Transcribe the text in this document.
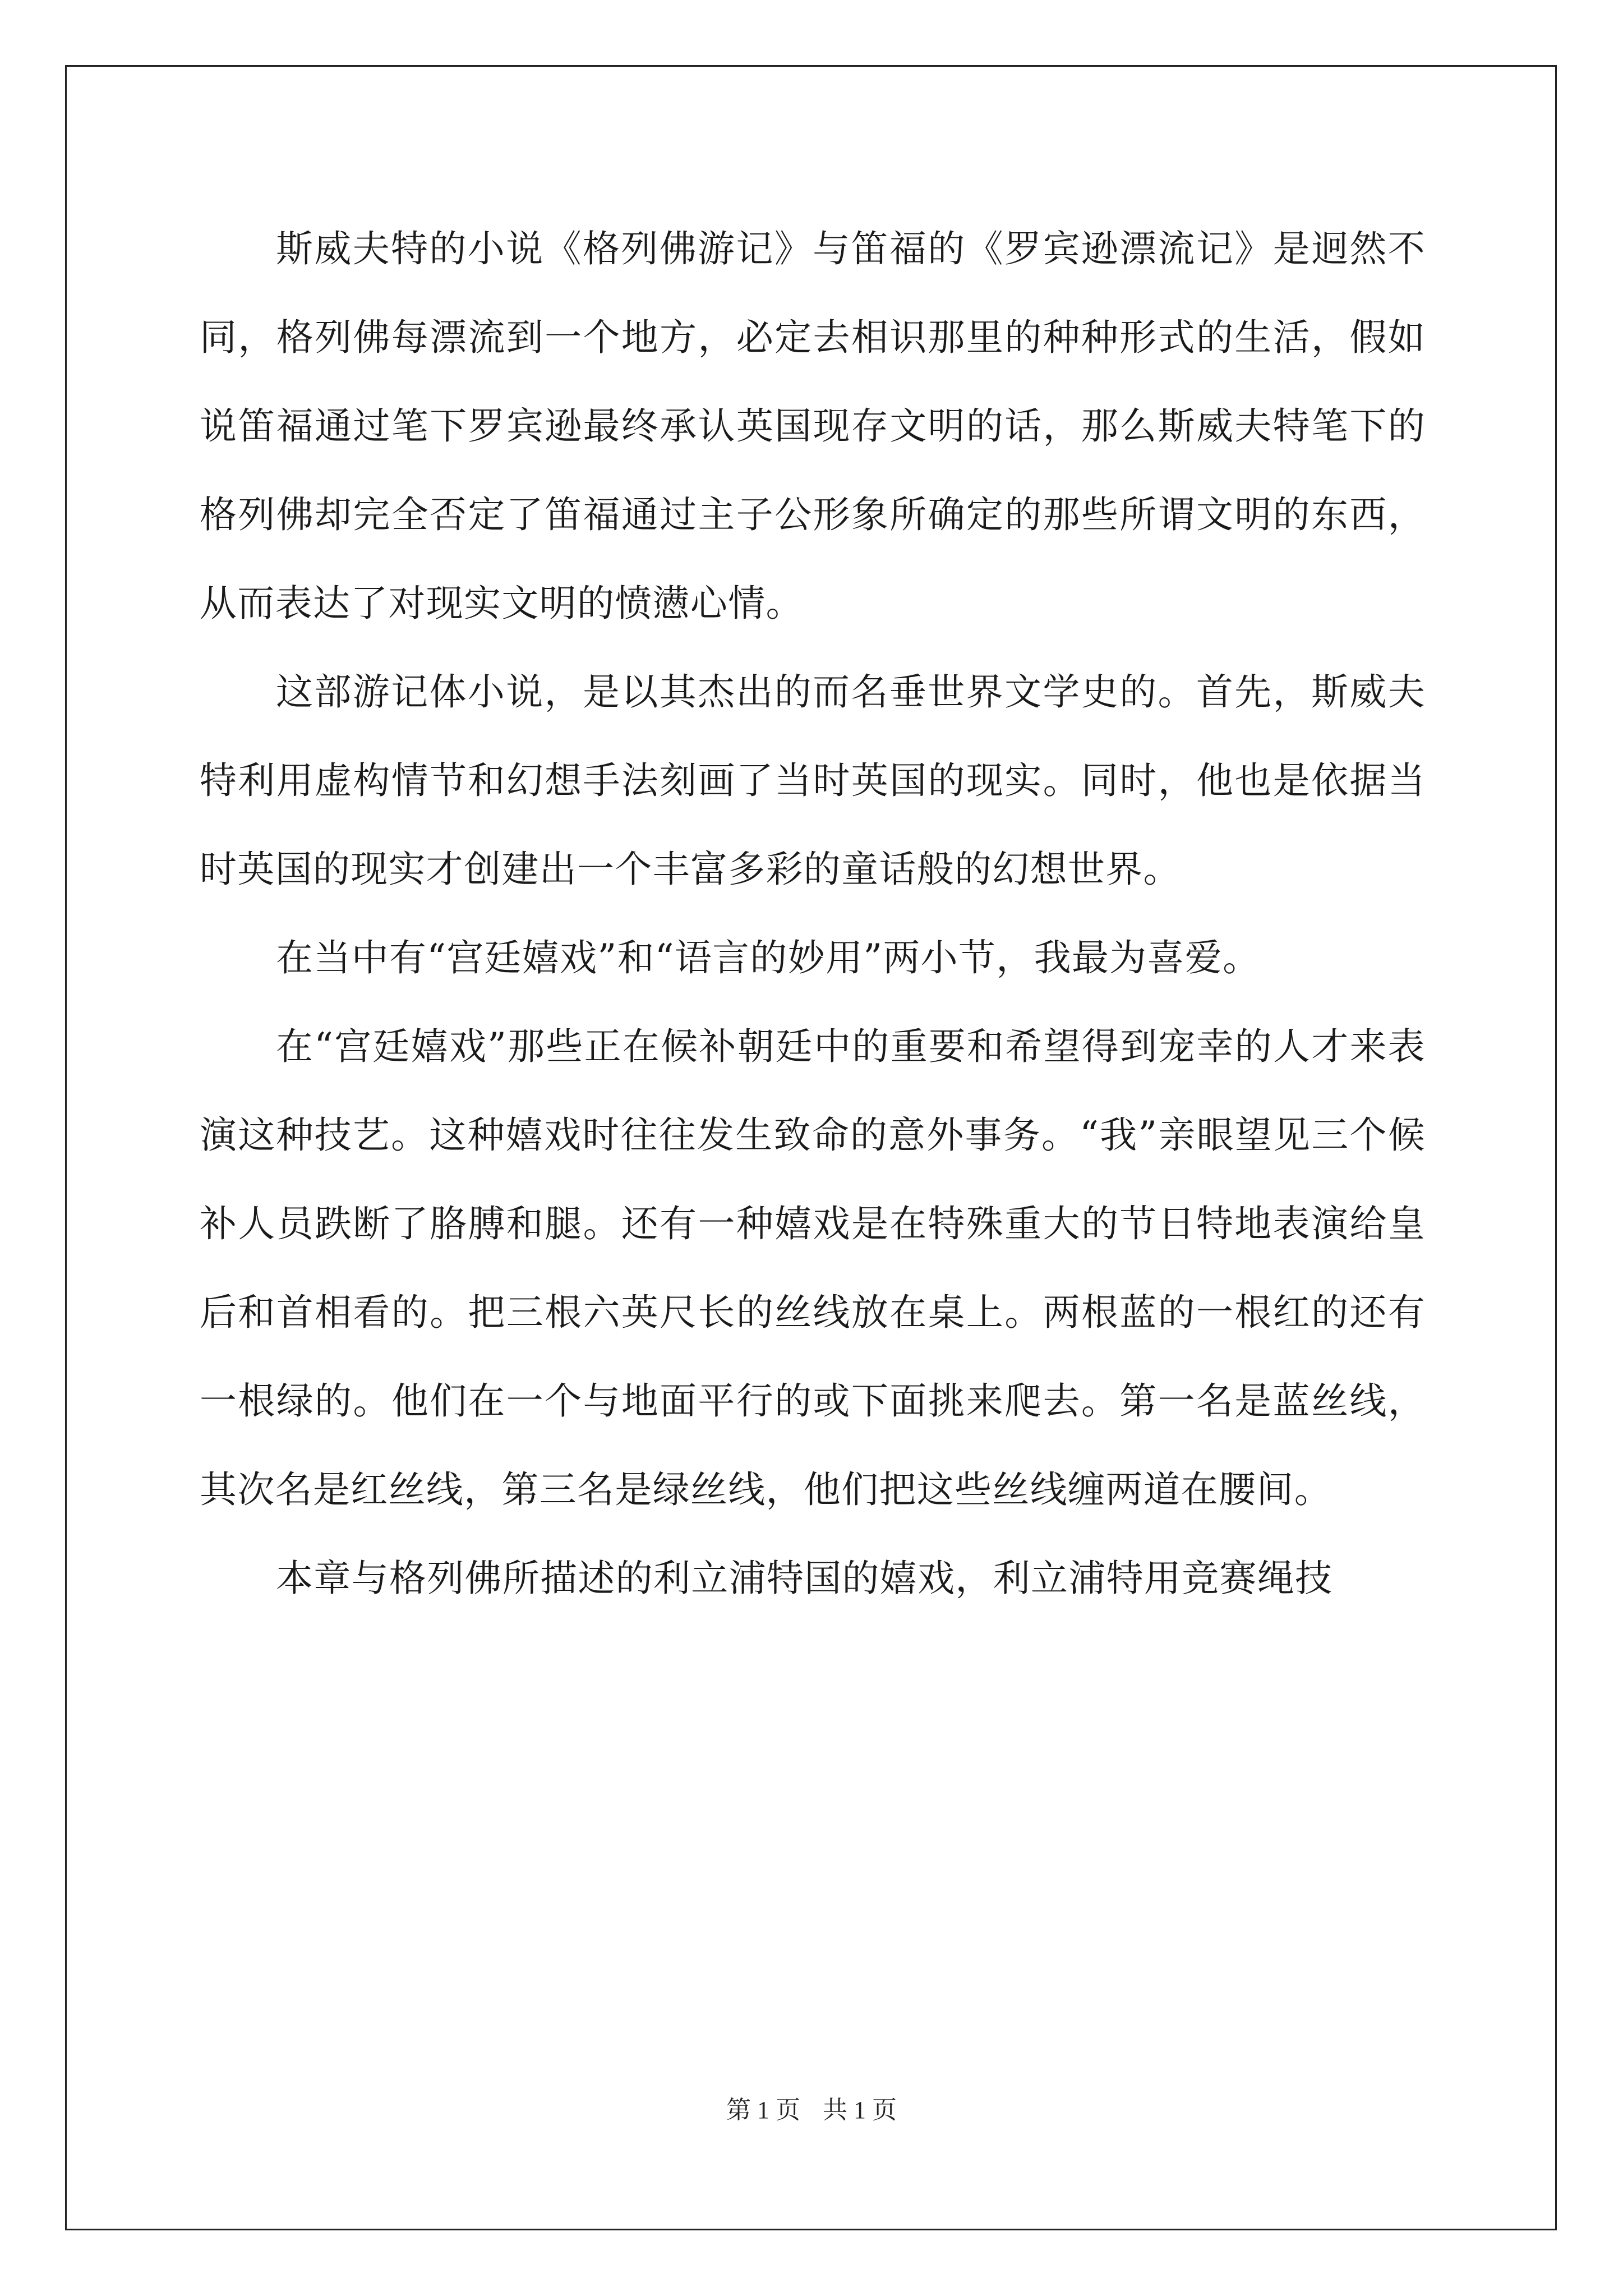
斯威夫特的小说《格列佛游记》与笛福的《罗宾逊漂流记》是迥然不同，格列佛每漂流到一个地方，必定去相识那里的种种形式的生活，假如说笛福通过笔下罗宾逊最终承认英国现存文明的话，那么斯威夫特笔下的格列佛却完全否定了笛福通过主子公形象所确定的那些所谓文明的东西，从而表达了对现实文明的愤懑心情。

这部游记体小说，是以其杰出的而名垂世界文学史的。首先，斯威夫特利用虚构情节和幻想手法刻画了当时英国的现实。同时，他也是依据当时英国的现实才创建出一个丰富多彩的童话般的幻想世界。

在当中有“宫廷嬉戏”和“语言的妙用”两小节，我最为喜爱。

在“宫廷嬉戏”那些正在候补朝廷中的重要和希望得到宠幸的人才来表演这种技艺。这种嬉戏时往往发生致命的意外事务。“我”亲眼望见三个候补人员跌断了胳膊和腿。还有一种嬉戏是在特殊重大的节日特地表演给皇后和首相看的。把三根六英尺长的丝线放在桌上。两根蓝的一根红的还有一根绿的。他们在一个与地面平行的或下面挑来爬去。第一名是蓝丝线，其次名是红丝线，第三名是绿丝线，他们把这些丝线缠两道在腰间。

本章与格列佛所描述的利立浦特国的嬉戏，利立浦特用竞赛绳技

第 1 页 共 1 页
